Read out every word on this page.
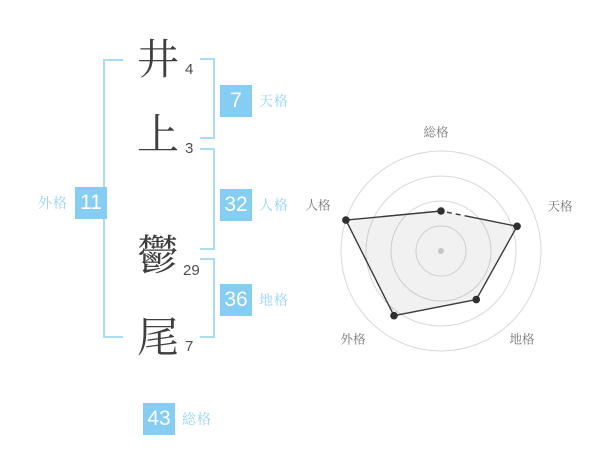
井 4
上 3
鬱 29
尾 7
7	天格
32 人格
36 地格
外格 11
43 総格
総格
天格
地格
外格
人格
